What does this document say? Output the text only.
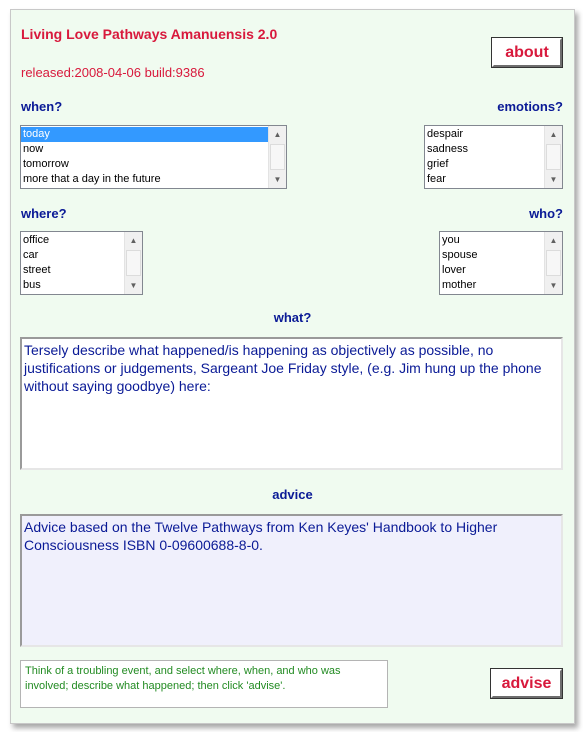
Living Love Pathways Amanuensis 2.0
released:2008-04-06 build:9386
about
when?
today
now
tomorrow
more that a day in the future
▲
▼
emotions?
despair
sadness
grief
fear
▲
▼
where?
office
car
street
bus
▲
▼
who?
you
spouse
lover
mother
▲
▼
what?
Tersely describe what happened/is happening as objectively as possible, no justifications or judgements, Sargeant Joe Friday style, (e.g. Jim hung up the phone without saying goodbye) here:
advice
Advice based on the Twelve Pathways from Ken Keyes' Handbook to Higher Consciousness ISBN 0-09600688-8-0.
Think of a troubling event, and select where, when, and who was involved; describe what happened; then click 'advise'.	advise
